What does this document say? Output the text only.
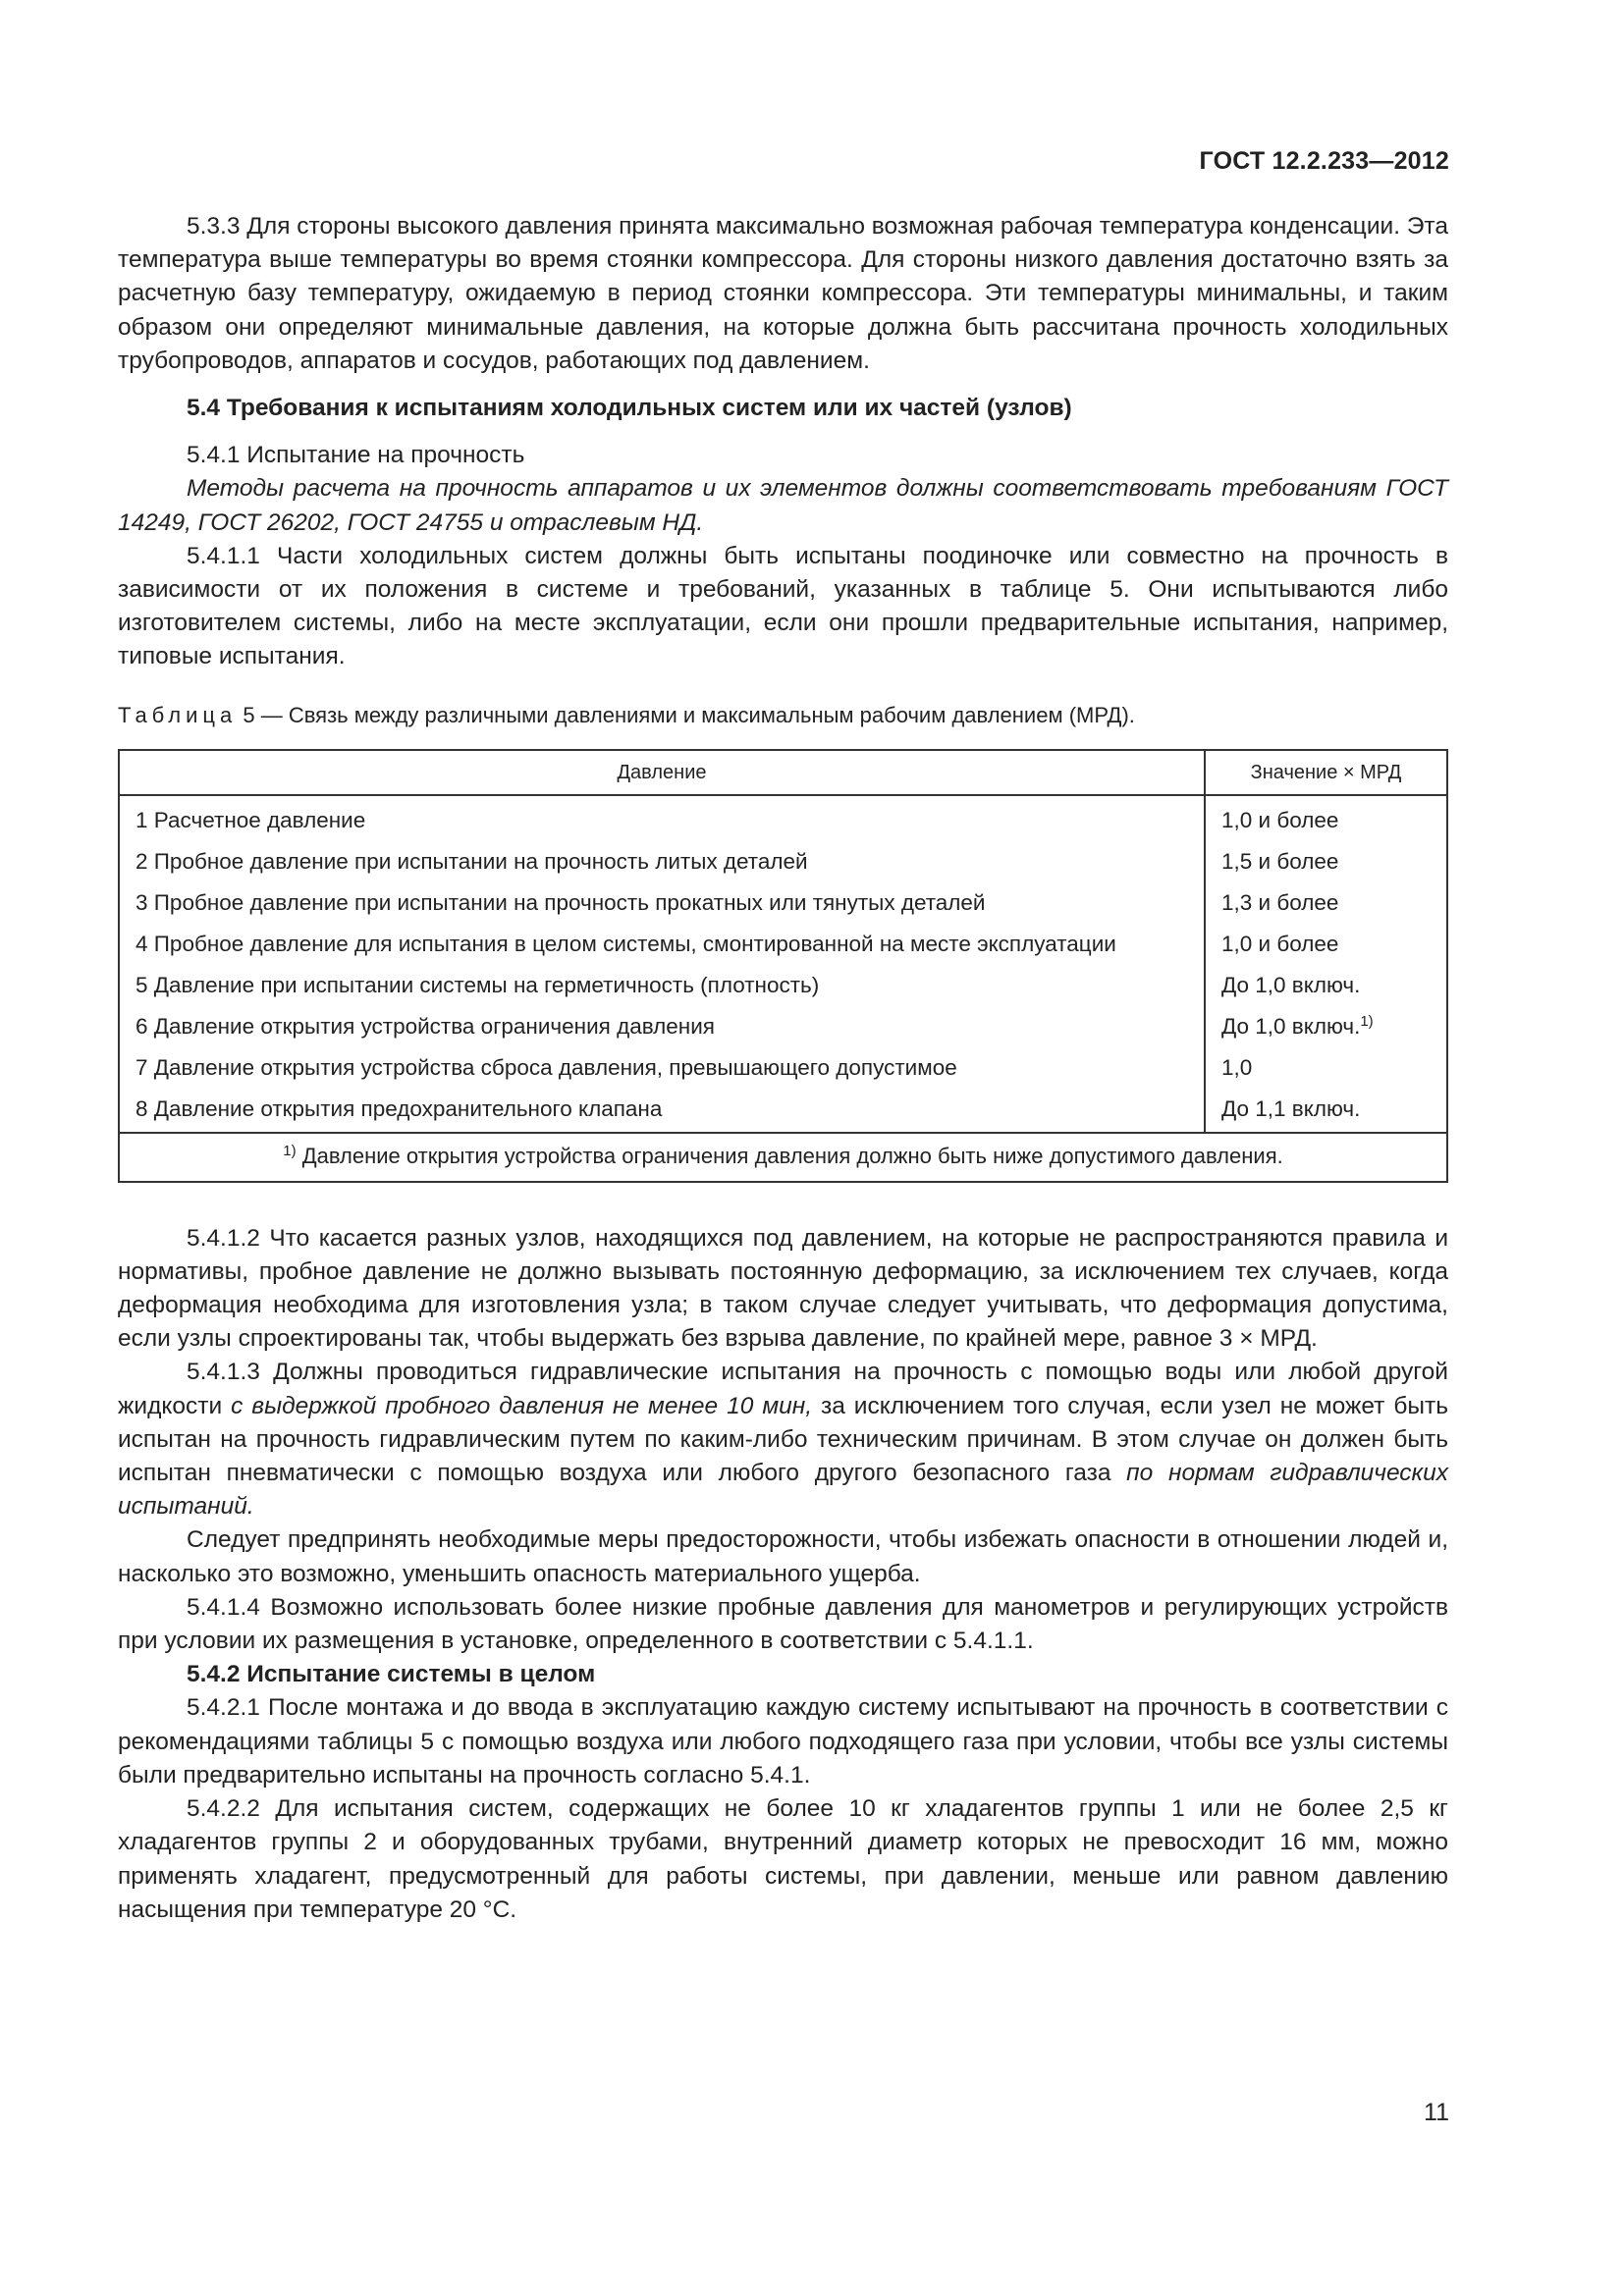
ГОСТ 12.2.233—2012

5.3.3 Для стороны высокого давления принята максимально возможная рабочая температура конденсации. Эта температура выше температуры во время стоянки компрессора. Для стороны низкого давления достаточно взять за расчетную базу температуру, ожидаемую в период стоянки компрессора. Эти температуры минимальны, и таким образом они определяют минимальные давления, на которые должна быть рассчитана прочность холодильных трубопроводов, аппаратов и сосудов, работающих под давлением.

5.4 Требования к испытаниям холодильных систем или их частей (узлов)

5.4.1 Испытание на прочность

Методы расчета на прочность аппаратов и их элементов должны соответствовать требованиям ГОСТ 14249, ГОСТ 26202, ГОСТ 24755 и отраслевым НД.

5.4.1.1 Части холодильных систем должны быть испытаны поодиночке или совместно на прочность в зависимости от их положения в системе и требований, указанных в таблице 5. Они испытываются либо изготовителем системы, либо на месте эксплуатации, если они прошли предварительные испытания, например, типовые испытания.

Таблица 5 — Связь между различными давлениями и максимальным рабочим давлением (МРД).

Давление	Значение × МРД
1 Расчетное давление	1,0 и более
2 Пробное давление при испытании на прочность литых деталей	1,5 и более
3 Пробное давление при испытании на прочность прокатных или тянутых деталей	1,3 и более
4 Пробное давление для испытания в целом системы, смонтированной на месте эксплуатации	1,0 и более
5 Давление при испытании системы на герметичность (плотность)	До 1,0 включ.
6 Давление открытия устройства ограничения давления	До 1,0 включ.$^{1)}$
7 Давление открытия устройства сброса давления, превышающего допустимое	1,0
8 Давление открытия предохранительного клапана	До 1,1 включ.
$^{1)}$ Давление открытия устройства ограничения давления должно быть ниже допустимого давления.	

5.4.1.2 Что касается разных узлов, находящихся под давлением, на которые не распространяются правила и нормативы, пробное давление не должно вызывать постоянную деформацию, за исключением тех случаев, когда деформация необходима для изготовления узла; в таком случае следует учитывать, что деформация допустима, если узлы спроектированы так, чтобы выдержать без взрыва давление, по крайней мере, равное 3 × МРД.

5.4.1.3 Должны проводиться гидравлические испытания на прочность с помощью воды или любой другой жидкости с выдержкой пробного давления не менее 10 мин, за исключением того случая, если узел не может быть испытан на прочность гидравлическим путем по каким-либо техническим причинам. В этом случае он должен быть испытан пневматически с помощью воздуха или любого другого безопасного газа по нормам гидравлических испытаний.

Следует предпринять необходимые меры предосторожности, чтобы избежать опасности в отношении людей и, насколько это возможно, уменьшить опасность материального ущерба.

5.4.1.4 Возможно использовать более низкие пробные давления для манометров и регулирующих устройств при условии их размещения в установке, определенного в соответствии с 5.4.1.1.

5.4.2 Испытание системы в целом

5.4.2.1 После монтажа и до ввода в эксплуатацию каждую систему испытывают на прочность в соответствии с рекомендациями таблицы 5 с помощью воздуха или любого подходящего газа при условии, чтобы все узлы системы были предварительно испытаны на прочность согласно 5.4.1.

5.4.2.2 Для испытания систем, содержащих не более 10 кг хладагентов группы 1 или не более 2,5 кг хладагентов группы 2 и оборудованных трубами, внутренний диаметр которых не превосходит 16 мм, можно применять хладагент, предусмотренный для работы системы, при давлении, меньше или равном давлению насыщения при температуре 20 °С.

11
